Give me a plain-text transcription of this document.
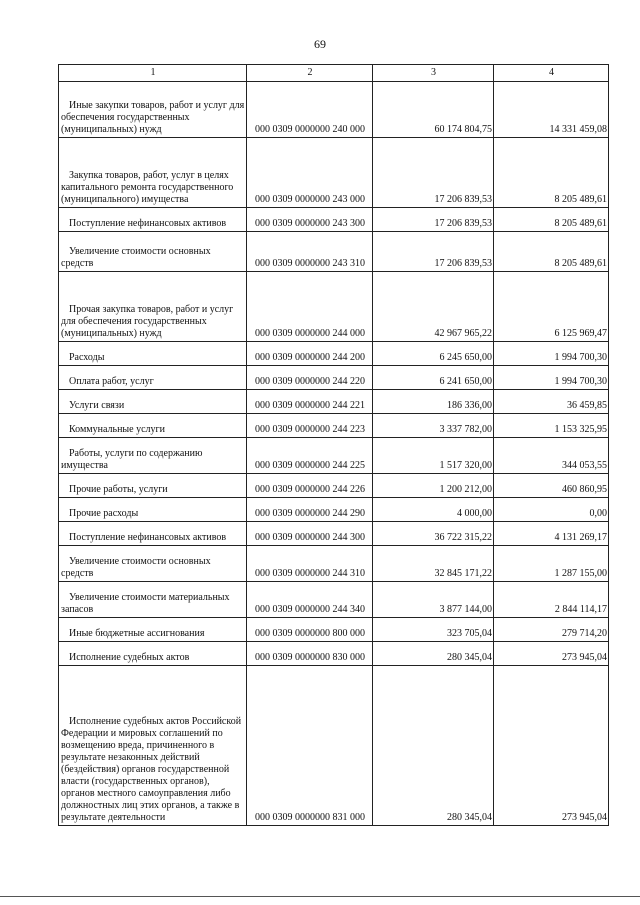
69
1	2	3	4
Иные закупки товаров, работ и услуг для обеспечения государственных (муниципальных) нужд	000 0309 0000000 240 000	60 174 804,75	14 331 459,08
Закупка товаров, работ, услуг в целях капитального ремонта государственного (муниципального) имущества	000 0309 0000000 243 000	17 206 839,53	8 205 489,61
Поступление нефинансовых активов	000 0309 0000000 243 300	17 206 839,53	8 205 489,61
Увеличение стоимости основных средств	000 0309 0000000 243 310	17 206 839,53	8 205 489,61
Прочая закупка товаров, работ и услуг для обеспечения государственных (муниципальных) нужд	000 0309 0000000 244 000	42 967 965,22	6 125 969,47
Расходы	000 0309 0000000 244 200	6 245 650,00	1 994 700,30
Оплата работ, услуг	000 0309 0000000 244 220	6 241 650,00	1 994 700,30
Услуги связи	000 0309 0000000 244 221	186 336,00	36 459,85
Коммунальные услуги	000 0309 0000000 244 223	3 337 782,00	1 153 325,95
Работы, услуги по содержанию имущества	000 0309 0000000 244 225	1 517 320,00	344 053,55
Прочие работы, услуги	000 0309 0000000 244 226	1 200 212,00	460 860,95
Прочие расходы	000 0309 0000000 244 290	4 000,00	0,00
Поступление нефинансовых активов	000 0309 0000000 244 300	36 722 315,22	4 131 269,17
Увеличение стоимости основных средств	000 0309 0000000 244 310	32 845 171,22	1 287 155,00
Увеличение стоимости материальных запасов	000 0309 0000000 244 340	3 877 144,00	2 844 114,17
Иные бюджетные ассигнования	000 0309 0000000 800 000	323 705,04	279 714,20
Исполнение судебных актов	000 0309 0000000 830 000	280 345,04	273 945,04
Исполнение судебных актов Российской Федерации и мировых соглашений по возмещению вреда, причиненного в результате незаконных действий (бездействия) органов государственной власти (государственных органов), органов местного самоуправления либо должностных лиц этих органов, а также в результате деятельности	000 0309 0000000 831 000	280 345,04	273 945,04
